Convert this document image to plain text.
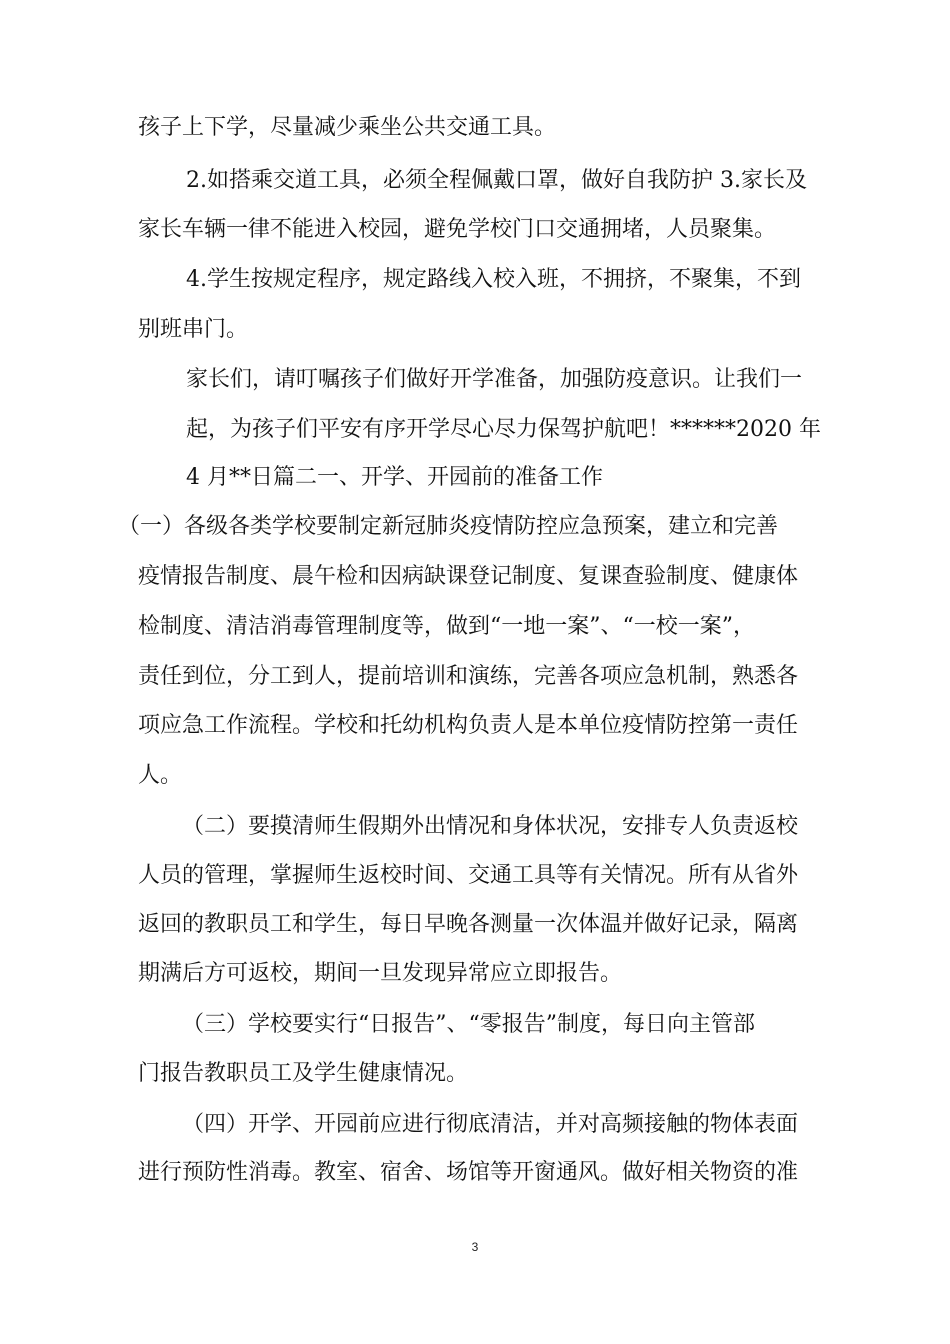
孩子上下学，尽量减少乘坐公共交通工具。
2.如搭乘交道工具，必须全程佩戴口罩，做好自我防护 3.家长及
家长车辆一律不能进入校园，避免学校门口交通拥堵，人员聚集。
4.学生按规定程序，规定路线入校入班，不拥挤，不聚集，不到
别班串门。
家长们，请叮嘱孩子们做好开学准备，加强防疫意识。让我们一
起，为孩子们平安有序开学尽心尽力保驾护航吧！******2020 年
4 月**日篇二一、开学、开园前的准备工作
（一）各级各类学校要制定新冠肺炎疫情防控应急预案，建立和完善
疫情报告制度、晨午检和因病缺课登记制度、复课查验制度、健康体
检制度、清洁消毒管理制度等，做到“一地一案”、“一校一案”，
责任到位，分工到人，提前培训和演练，完善各项应急机制，熟悉各
项应急工作流程。学校和托幼机构负责人是本单位疫情防控第一责任
人。
（二）要摸清师生假期外出情况和身体状况，安排专人负责返校
人员的管理，掌握师生返校时间、交通工具等有关情况。所有从省外
返回的教职员工和学生，每日早晚各测量一次体温并做好记录，隔离
期满后方可返校，期间一旦发现异常应立即报告。
（三）学校要实行“日报告”、“零报告”制度，每日向主管部
门报告教职员工及学生健康情况。
（四）开学、开园前应进行彻底清洁，并对高频接触的物体表面
进行预防性消毒。教室、宿舍、场馆等开窗通风。做好相关物资的准
3
